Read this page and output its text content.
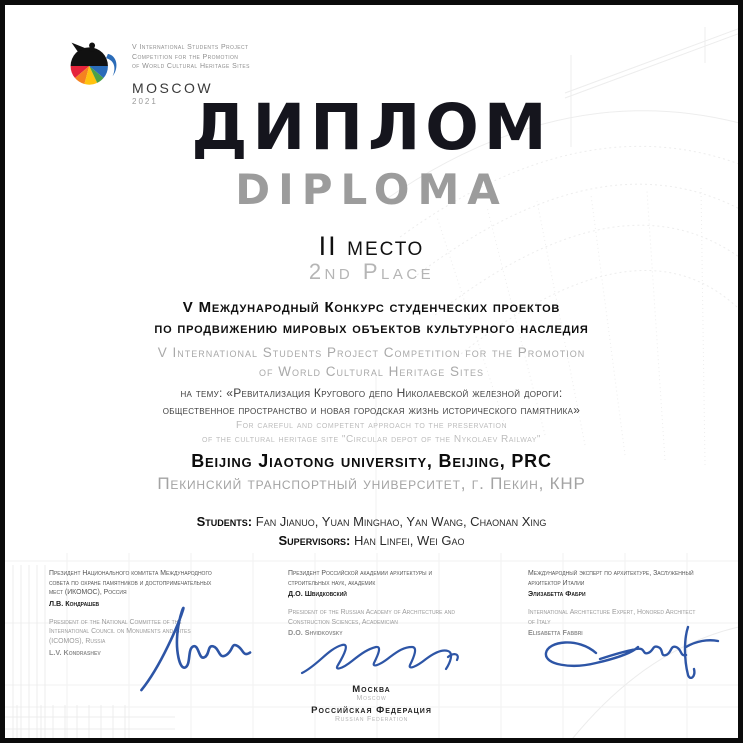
V International Students Project
Competition for the Promotion
of World Cultural Heritage Sites
MOSCOW
2021 ДИПЛОМ
DIPLOMA
II место
2nd Place
V Международный Конкурс студенческих проектов
по продвижению мировых объектов культурного наследия
V International Students Project Competition for the Promotion
of World Cultural Heritage Sites
на тему: «Ревитализация Кругового депо Николаевской железной дороги:
общественное пространство и новая городская жизнь исторического памятника»
For careful and competent approach to the preservation
of the cultural heritage site "Circular depot of the Nykolaev Railway"
Beijing Jiaotong university, Beijing, PRC
Пекинский транспортный университет, г. Пекин, КНР
Students: Fan Jianuo, Yuan Minghao, Yan Wang, Chaonan Xing
Supervisors: Han Linfei, Wei Gao
Президент Национального комитета Международного совета по охране памятников и достопримечательных мест (ИКОМОС), Россия
Л.В. Кондрашев
President of the National Committee of the International Council on Monuments and Sites (ICOMOS), Russia
L.V. Kondrashev
Президент Российской академии архитектуры и строительных наук, академик
Д.О. Швидковский
President of the Russian Academy of Architecture and Construction Sciences, Academician
D.O. Shvidkovsky
Международный эксперт по архитектуре, Заслуженный архитектор Италии
Элизабетта Фабри
International Architecture Expert, Honored Architect of Italy
Elisabetta Fabbri
Москва
Moscow
Российская Федерация
Russian Federation
